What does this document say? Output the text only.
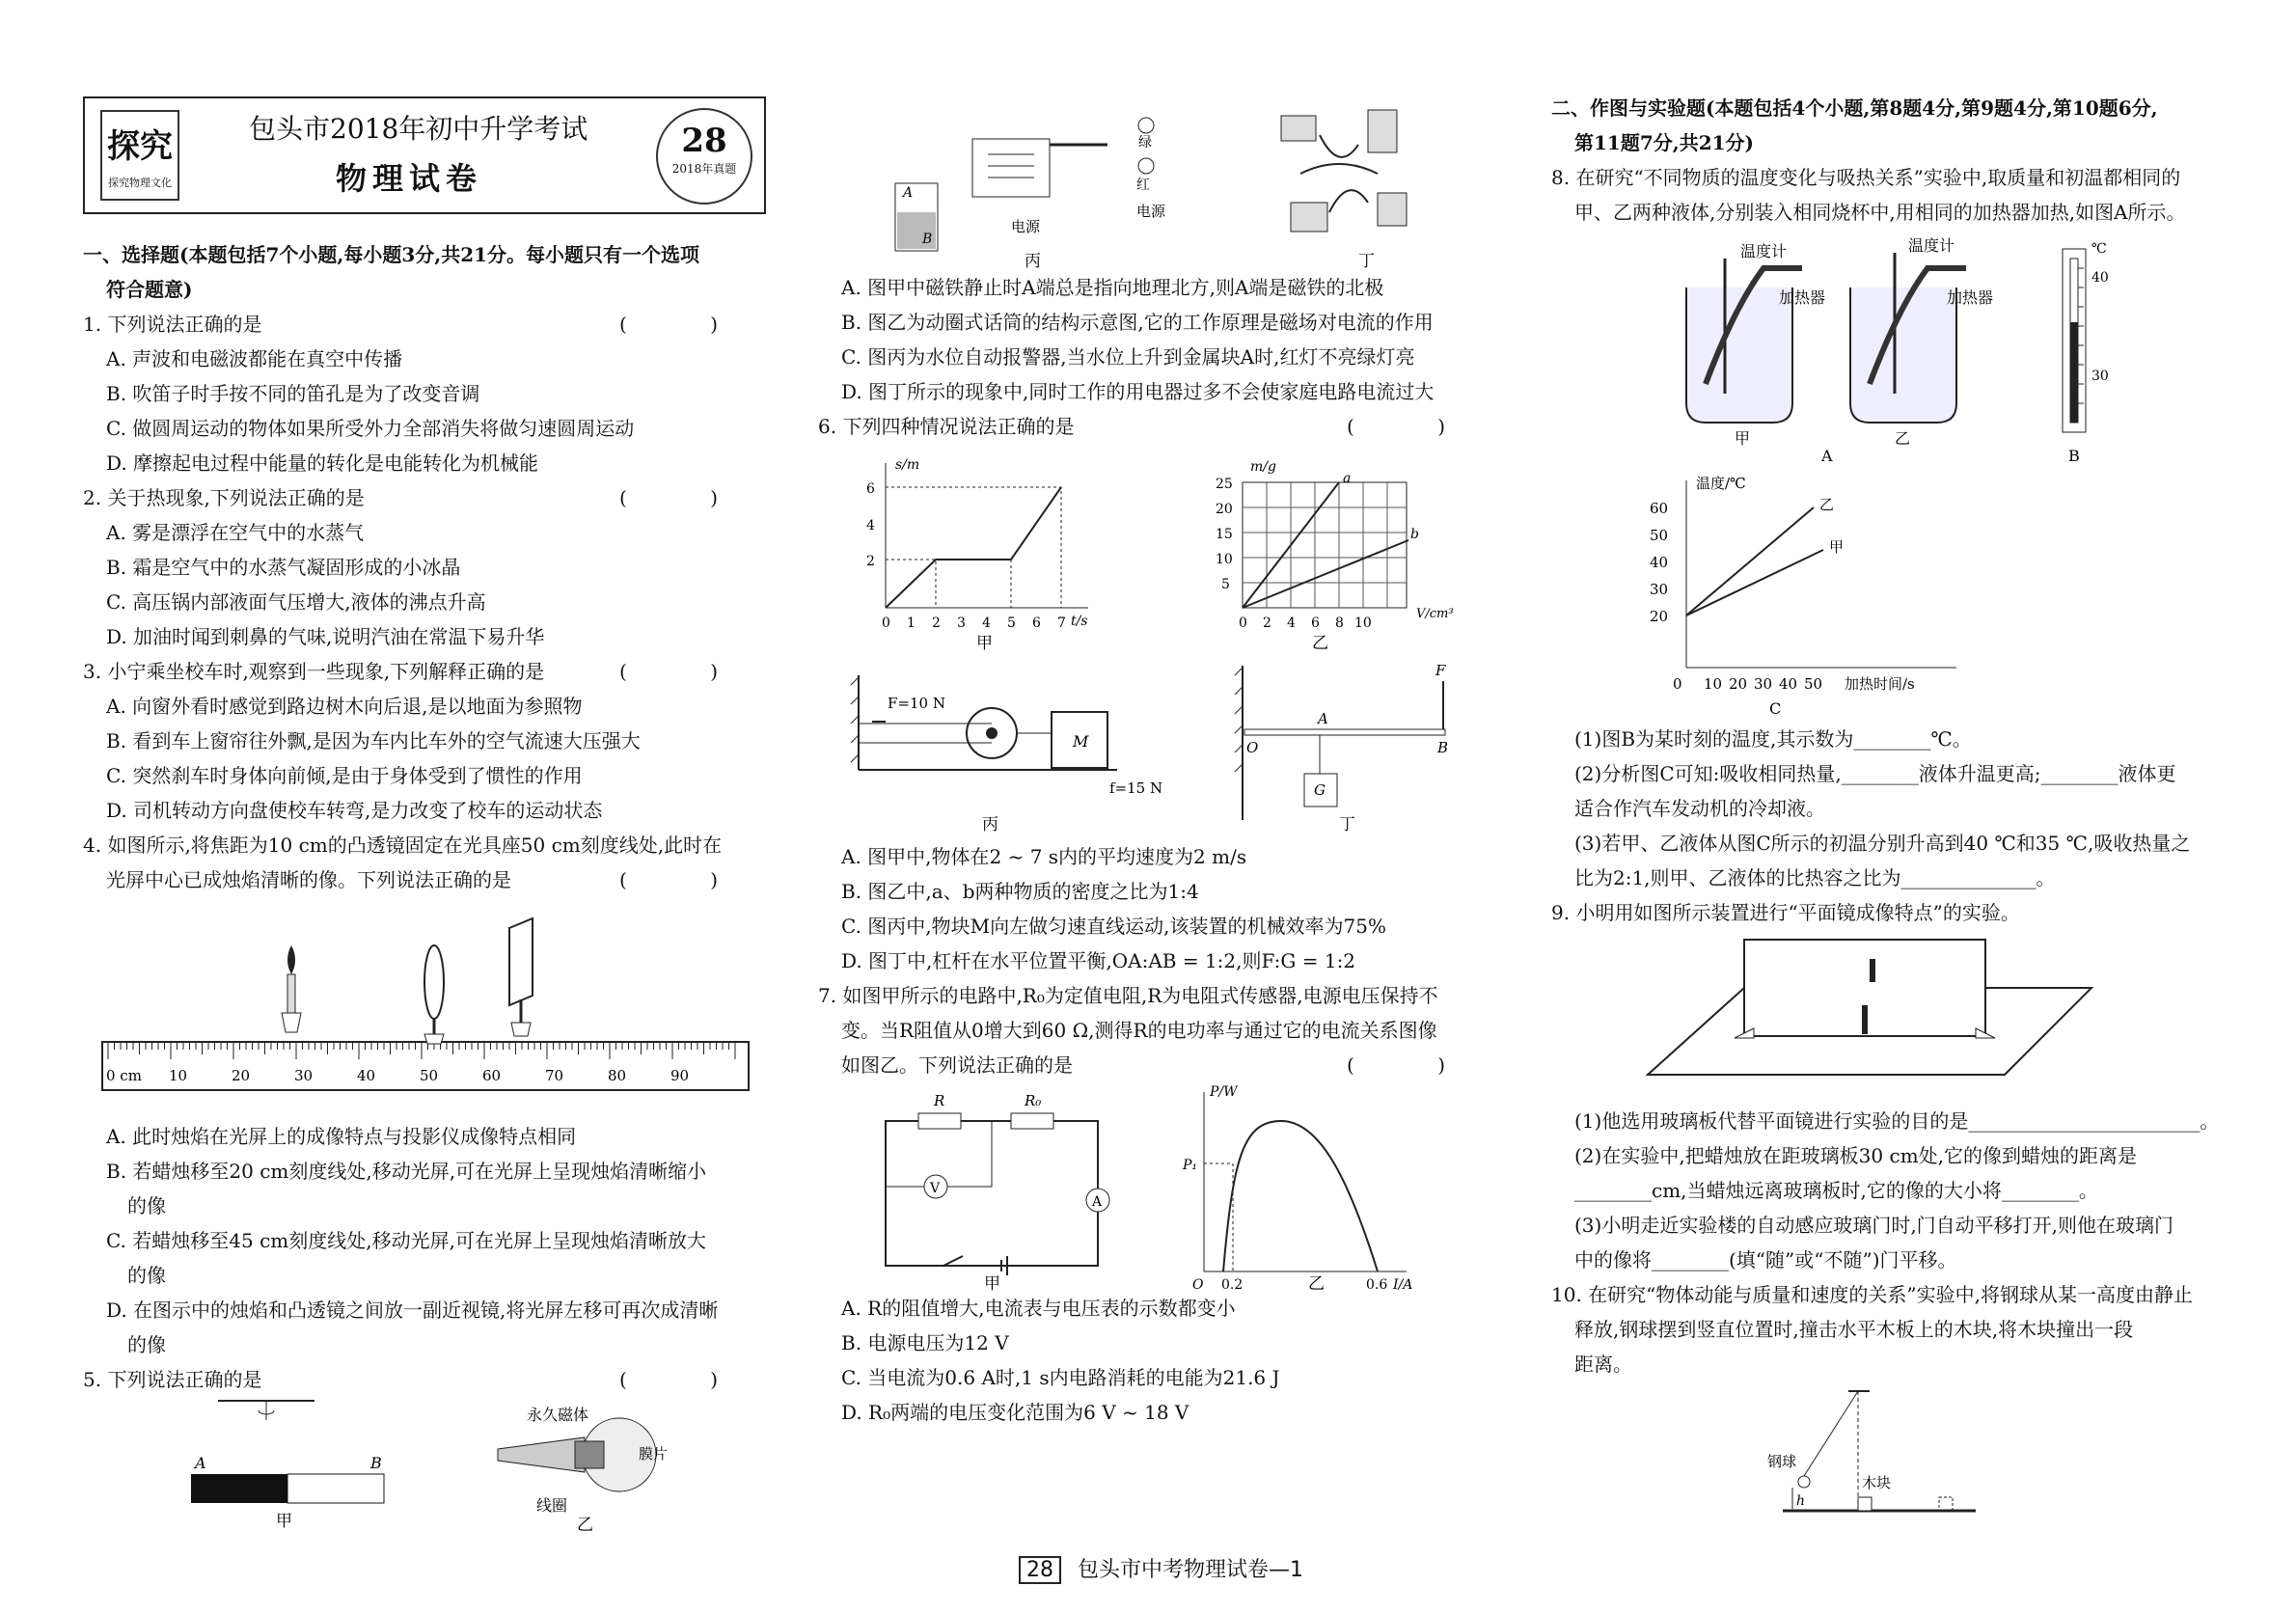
探究
探究物理文化
包头市2018年初中升学考试
物理试卷
28
2018年真题
一、选择题(本题包括7个小题,每小题3分,共21分。每小题只有一个选项
符合题意)
1. 下列说法正确的是	( )
A. 声波和电磁波都能在真空中传播
B. 吹笛子时手按不同的笛孔是为了改变音调
C. 做圆周运动的物体如果所受外力全部消失将做匀速圆周运动
D. 摩擦起电过程中能量的转化是电能转化为机械能
2. 关于热现象,下列说法正确的是	( )
A. 雾是漂浮在空气中的水蒸气
B. 霜是空气中的水蒸气凝固形成的小冰晶
C. 高压锅内部液面气压增大,液体的沸点升高
D. 加油时闻到刺鼻的气味,说明汽油在常温下易升华
3. 小宁乘坐校车时,观察到一些现象,下列解释正确的是	( )
A. 向窗外看时感觉到路边树木向后退,是以地面为参照物
B. 看到车上窗帘往外飘,是因为车内比车外的空气流速大压强大
C. 突然刹车时身体向前倾,是由于身体受到了惯性的作用
D. 司机转动方向盘使校车转弯,是力改变了校车的运动状态
4. 如图所示,将焦距为10 cm的凸透镜固定在光具座50 cm刻度线处,此时在
光屏中心已成烛焰清晰的像。下列说法正确的是	( )
0 cm 10	20	30	40	50	60	70	80	90
A. 此时烛焰在光屏上的成像特点与投影仪成像特点相同
B. 若蜡烛移至20 cm刻度线处,移动光屏,可在光屏上呈现烛焰清晰缩小
的像
C. 若蜡烛移至45 cm刻度线处,移动光屏,可在光屏上呈现烛焰清晰放大
的像
D. 在图示中的烛焰和凸透镜之间放一副近视镜,将光屏左移可再次成清晰
的像
5. 下列说法正确的是	( )
A	B
甲
永久磁体
线圈
膜片
乙
A
B
绿
红
电源
电源
丙	丁
A. 图甲中磁铁静止时A端总是指向地理北方,则A端是磁铁的北极
B. 图乙为动圈式话筒的结构示意图,它的工作原理是磁场对电流的作用
C. 图丙为水位自动报警器,当水位上升到金属块A时,红灯不亮绿灯亮
D. 图丁所示的现象中,同时工作的用电器过多不会使家庭电路电流过大
6. 下列四种情况说法正确的是	( )
s/m
t/s
2
4
6
0 1 2 3 4 5 6 7
甲
m/g
V/cm³
a
b
5
10
15
20
25
0 2 4 6 8 10
乙
M
F=10 N
f=15 N
丙
F
A
O	B
G
丁
A. 图甲中,物体在2 ~ 7 s内的平均速度为2 m/s
B. 图乙中,a、b两种物质的密度之比为1:4
C. 图丙中,物块M向左做匀速直线运动,该装置的机械效率为75%
D. 图丁中,杠杆在水平位置平衡,OA:AB = 1:2,则F:G = 1:2
7. 如图甲所示的电路中,R₀为定值电阻,R为电阻式传感器,电源电压保持不
变。当R阻值从0增大到60 Ω,测得R的电功率与通过它的电流关系图像
如图乙。下列说法正确的是	( )
R	R₀
V
A
甲
P/W
P₁
O 0.2	0.6 I/A
乙
A. R的阻值增大,电流表与电压表的示数都变小
B. 电源电压为12 V
C. 当电流为0.6 A时,1 s内电路消耗的电能为21.6 J
D. R₀两端的电压变化范围为6 V ~ 18 V
二、作图与实验题(本题包括4个小题,第8题4分,第9题4分,第10题6分,
第11题7分,共21分)
8. 在研究“不同物质的温度变化与吸热关系”实验中,取质量和初温都相同的
甲、乙两种液体,分别装入相同烧杯中,用相同的加热器加热,如图A所示。
温度计
加热器
甲
温度计
加热器
乙
A
℃
40
30
B
温度/℃
加热时间/s
20
30
40
50
60
0 10 20 30 40 50
乙
甲
C
(1)图B为某时刻的温度,其示数为________℃。
(2)分析图C可知:吸收相同热量,________液体升温更高;________液体更
适合作汽车发动机的冷却液。
(3)若甲、乙液体从图C所示的初温分别升高到40 ℃和35 ℃,吸收热量之
比为2:1,则甲、乙液体的比热容之比为______________。
9. 小明用如图所示装置进行“平面镜成像特点”的实验。
(1)他选用玻璃板代替平面镜进行实验的目的是________________________。
(2)在实验中,把蜡烛放在距玻璃板30 cm处,它的像到蜡烛的距离是
________cm,当蜡烛远离玻璃板时,它的像的大小将________。
(3)小明走近实验楼的自动感应玻璃门时,门自动平移打开,则他在玻璃门
中的像将________(填“随”或“不随”)门平移。
10. 在研究“物体动能与质量和速度的关系”实验中,将钢球从某一高度由静止
释放,钢球摆到竖直位置时,撞击水平木板上的木块,将木块撞出一段
距离。
h
钢球
木块
28 包头市中考物理试卷—1
